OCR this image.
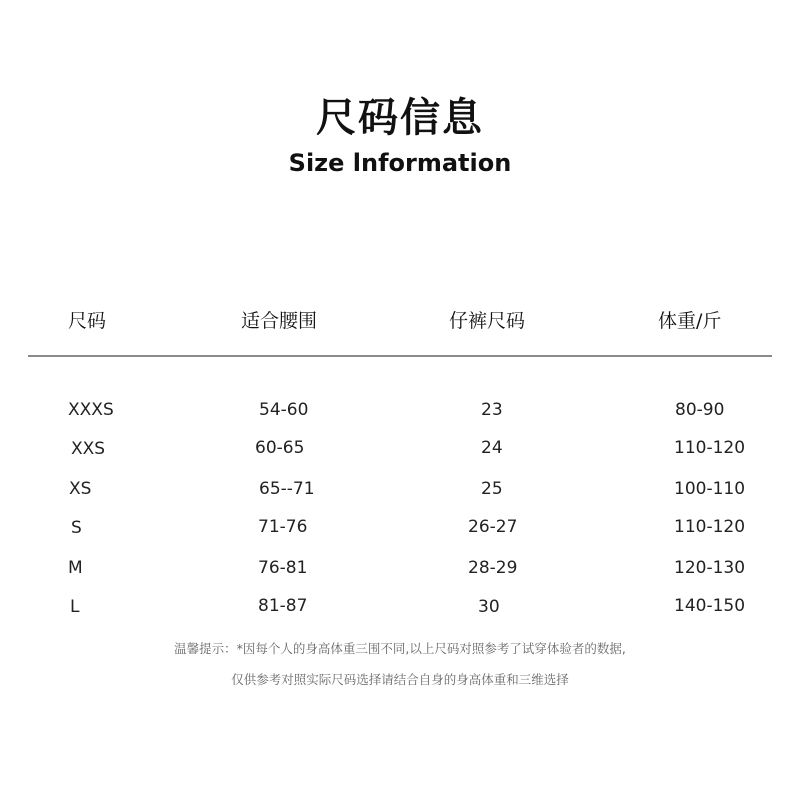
尺码信息
Size lnformation
尺码	适合腰围	仔裤尺码	体重/斤
XXXS	54-60	23	80-90
XXS	60-65	24	110-120
XS	65--71	25	100-110
S	71-76	26-27	110-120
M	76-81	28-29	120-130
L	81-87	30	140-150
温馨提示：*因每个人的身高体重三围不同,以上尺码对照参考了试穿体验者的数据,
仅供参考对照实际尺码选择请结合自身的身高体重和三维选择
